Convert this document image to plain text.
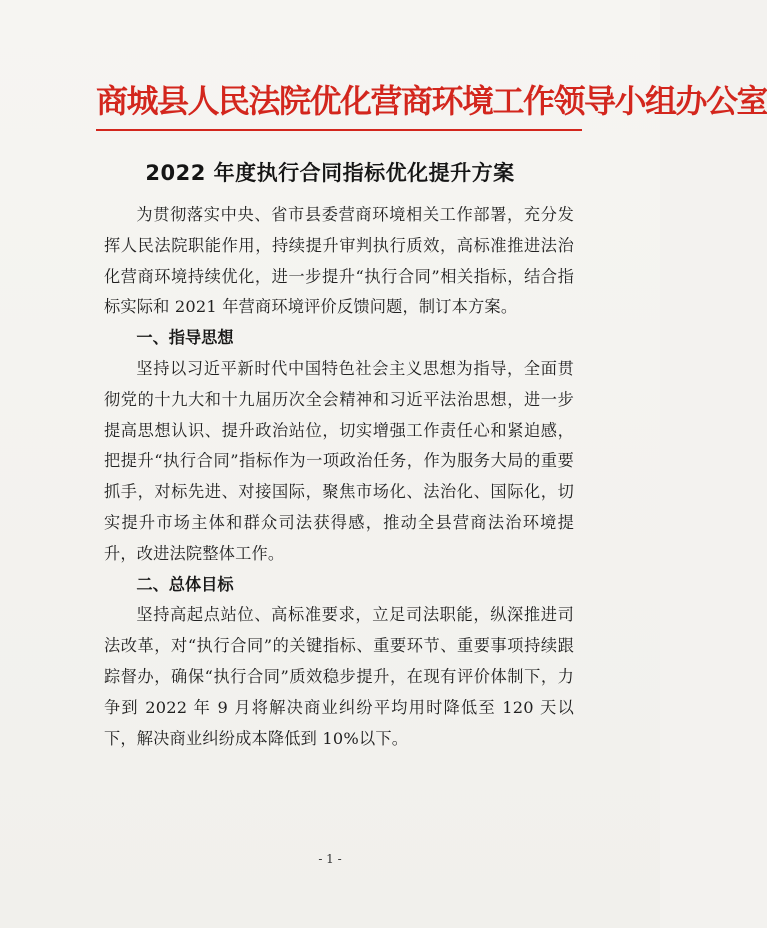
商城县人民法院优化营商环境工作领导小组办公室
2022 年度执行合同指标优化提升方案

为贯彻落实中央、省市县委营商环境相关工作部署，充分发挥人民法院职能作用，持续提升审判执行质效，高标准推进法治化营商环境持续优化，进一步提升“执行合同”相关指标，结合指标实际和 2021 年营商环境评价反馈问题，制订本方案。

一、指导思想

坚持以习近平新时代中国特色社会主义思想为指导，全面贯彻党的十九大和十九届历次全会精神和习近平法治思想，进一步提高思想认识、提升政治站位，切实增强工作责任心和紧迫感，把提升“执行合同”指标作为一项政治任务，作为服务大局的重要抓手，对标先进、对接国际，聚焦市场化、法治化、国际化，切实提升市场主体和群众司法获得感，推动全县营商法治环境提升，改进法院整体工作。

二、总体目标

坚持高起点站位、高标准要求，立足司法职能，纵深推进司法改革，对“执行合同”的关键指标、重要环节、重要事项持续跟踪督办，确保“执行合同”质效稳步提升，在现有评价体制下，力争到 2022 年 9 月将解决商业纠纷平均用时降低至 120 天以下，解决商业纠纷成本降低到 10%以下。

- 1 -
